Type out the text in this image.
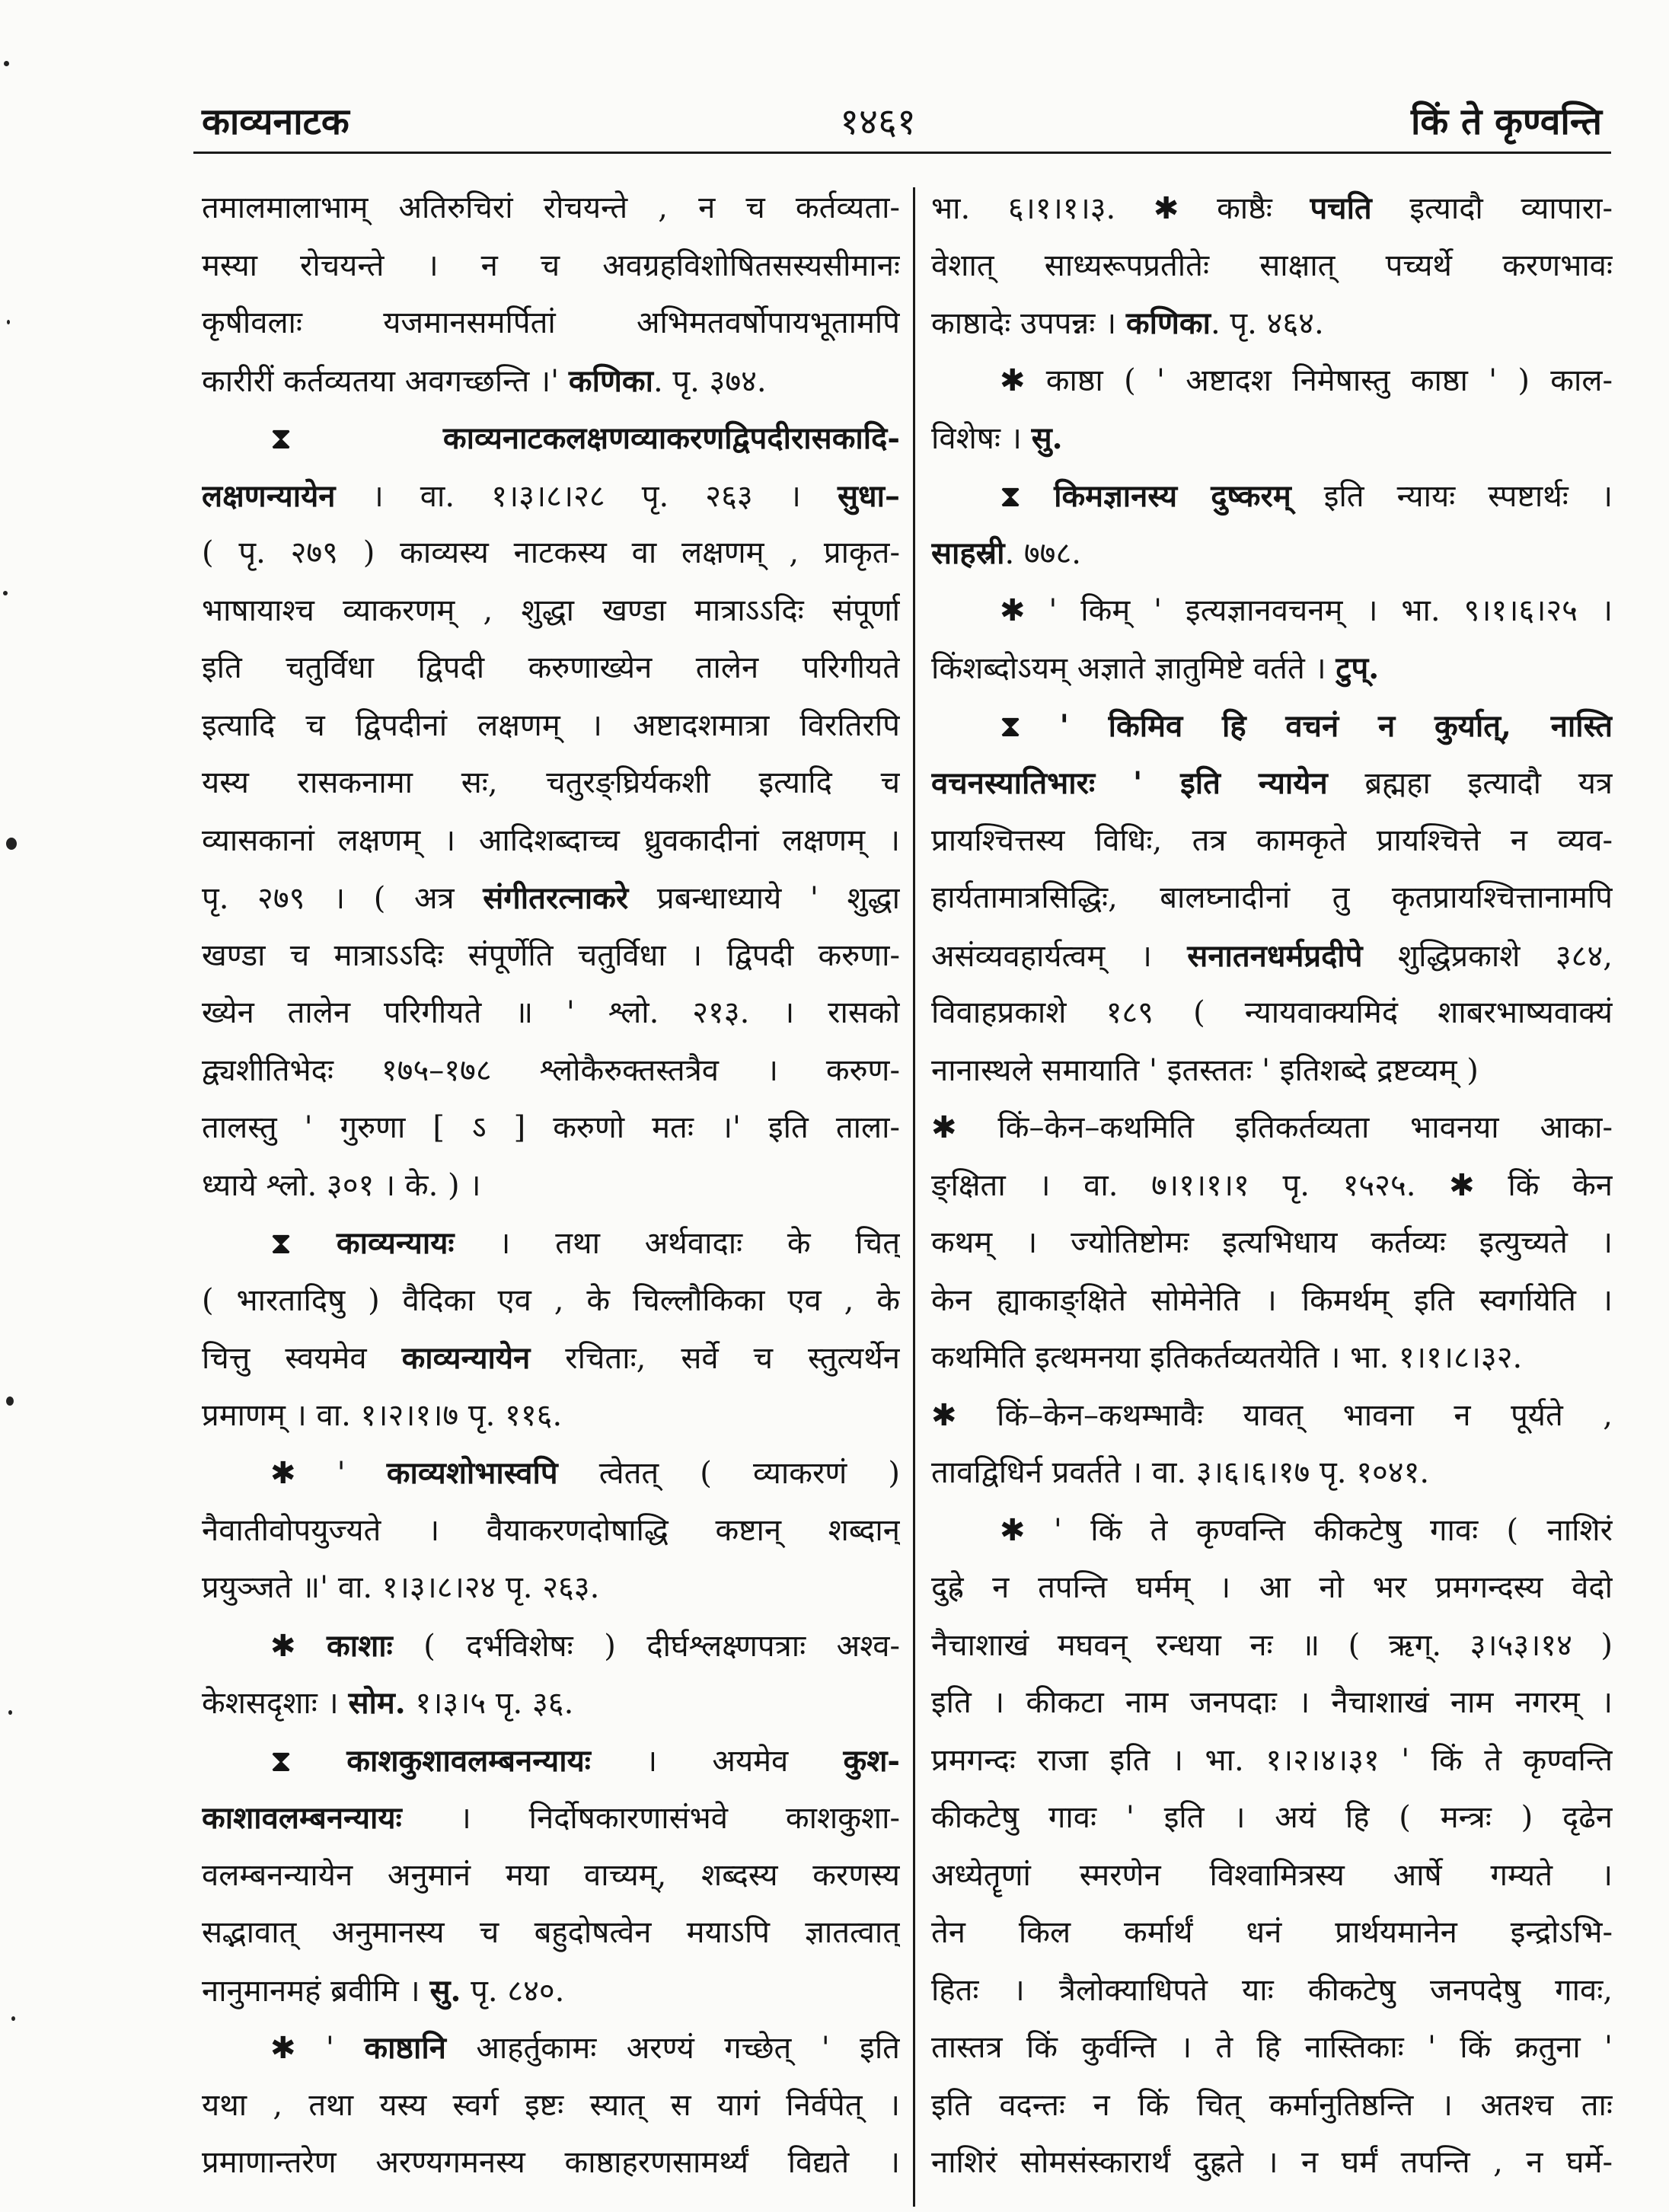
काव्यनाटक	१४६१	किं ते कृण्वन्ति
तमालमालाभाम् अतिरुचिरां रोचयन्ते , न च कर्तव्यता-
मस्या रोचयन्ते । न च अवग्रहविशोषितसस्यसीमानः
कृषीवलाः यजमानसमर्पितां अभिमतवर्षोपायभूतामपि
कारीरीं कर्तव्यतया अवगच्छन्ति ।' कणिका. पृ. ३७४.
⧗ काव्यनाटकलक्षणव्याकरणद्विपदीरासकादि-
लक्षणन्यायेन । वा. १।३।८।२८ पृ. २६३ । सुधा–
( पृ. २७९ ) काव्यस्य नाटकस्य वा लक्षणम् , प्राकृत-
भाषायाश्च व्याकरणम् , शुद्धा खण्डा मात्राऽऽदिः संपूर्णा
इति चतुर्विधा द्विपदी करुणाख्येन तालेन परिगीयते
इत्यादि च द्विपदीनां लक्षणम् । अष्टादशमात्रा विरतिरपि
यस्य रासकनामा सः, चतुरङ्घ्रिर्यकशी इत्यादि च
व्यासकानां लक्षणम् । आदिशब्दाच्च ध्रुवकादीनां लक्षणम् ।
पृ. २७९ । ( अत्र संगीतरत्नाकरे प्रबन्धाध्याये ' शुद्धा
खण्डा च मात्राऽऽदिः संपूर्णेति चतुर्विधा । द्विपदी करुणा-
ख्येन तालेन परिगीयते ॥ ' श्लो. २१३. । रासको
द्व्यशीतिभेदः १७५–१७८ श्लोकैरुक्तस्तत्रैव । करुण-
तालस्तु ' गुरुणा [ ऽ ] करुणो मतः ।' इति ताला-
ध्याये श्लो. ३०१ । के. ) ।
⧗ काव्यन्यायः । तथा अर्थवादाः के चित्
( भारतादिषु ) वैदिका एव , के चिल्लौकिका एव , के
चित्तु स्वयमेव काव्यन्यायेन रचिताः, सर्वे च स्तुत्यर्थेन
प्रमाणम् । वा. १।२।१।७ पृ. ११६.
✱ ' काव्यशोभास्वपि त्वेतत् ( व्याकरणं )
नैवातीवोपयुज्यते । वैयाकरणदोषाद्धि कष्टान् शब्दान्
प्रयुञ्जते ॥' वा. १।३।८।२४ पृ. २६३.
✱ काशाः ( दर्भविशेषः ) दीर्घश्लक्ष्णपत्राः अश्व-
केशसदृशाः । सोम. १।३।५ पृ. ३६.
⧗ काशकुशावलम्बनन्यायः । अयमेव कुश-
काशावलम्बनन्यायः । निर्दोषकारणासंभवे काशकुशा-
वलम्बनन्यायेन अनुमानं मया वाच्यम्, शब्दस्य करणस्य
सद्भावात् अनुमानस्य च बहुदोषत्वेन मयाऽपि ज्ञातत्वात्
नानुमानमहं ब्रवीमि । सु. पृ. ८४०.
✱ ' काष्ठानि आहर्तुकामः अरण्यं गच्छेत् ' इति
यथा , तथा यस्य स्वर्ग इष्टः स्यात् स यागं निर्वपेत् ।
प्रमाणान्तरेण अरण्यगमनस्य काष्ठाहरणसामर्थ्यं विद्यते ।
भा. ६।१।१।३. ✱ काष्ठैः पचति इत्यादौ व्यापारा-
वेशात् साध्यरूपप्रतीतेः साक्षात् पच्यर्थे करणभावः
काष्ठादेः उपपन्नः । कणिका. पृ. ४६४.
✱ काष्ठा ( ' अष्टादश निमेषास्तु काष्ठा ' ) काल-
विशेषः । सु.
⧗ किमज्ञानस्य दुष्करम् इति न्यायः स्पष्टार्थः ।
साहस्री. ७७८.
✱ ' किम् ' इत्यज्ञानवचनम् । भा. ९।१।६।२५ ।
किंशब्दोऽयम् अज्ञाते ज्ञातुमिष्टे वर्तते । टुप्.
⧗ ' किमिव हि वचनं न कुर्यात्, नास्ति
वचनस्यातिभारः ' इति न्यायेन ब्रह्महा इत्यादौ यत्र
प्रायश्चित्तस्य विधिः, तत्र कामकृते प्रायश्चित्ते न व्यव-
हार्यतामात्रसिद्धिः, बालघ्नादीनां तु कृतप्रायश्चित्तानामपि
असंव्यवहार्यत्वम् । सनातनधर्मप्रदीपे शुद्धिप्रकाशे ३८४,
विवाहप्रकाशे १८९ ( न्यायवाक्यमिदं शाबरभाष्यवाक्यं
नानास्थले समायाति ' इतस्ततः ' इतिशब्दे द्रष्टव्यम् )
✱ किं–केन–कथमिति इतिकर्तव्यता भावनया आका-
ङ्क्षिता । वा. ७।१।१।१ पृ. १५२५. ✱ किं केन
कथम् । ज्योतिष्टोमः इत्यभिधाय कर्तव्यः इत्युच्यते ।
केन ह्याकाङ्क्षिते सोमेनेति । किमर्थम् इति स्वर्गायेति ।
कथमिति इत्थमनया इतिकर्तव्यतयेति । भा. १।१।८।३२.
✱ किं–केन–कथम्भावैः यावत् भावना न पूर्यते ,
तावद्विधिर्न प्रवर्तते । वा. ३।६।६।१७ पृ. १०४१.
✱ ' किं ते कृण्वन्ति कीकटेषु गावः ( नाशिरं
दुह्रे न तपन्ति घर्मम् । आ नो भर प्रमगन्दस्य वेदो
नैचाशाखं मघवन् रन्धया नः ॥ ( ऋग्. ३।५३।१४ )
इति । कीकटा नाम जनपदाः । नैचाशाखं नाम नगरम् ।
प्रमगन्दः राजा इति । भा. १।२।४।३१ ' किं ते कृण्वन्ति
कीकटेषु गावः ' इति । अयं हि ( मन्त्रः ) दृढेन
अध्येतॄणां स्मरणेन विश्वामित्रस्य आर्षे गम्यते ।
तेन किल कर्मार्थं धनं प्रार्थयमानेन इन्द्रोऽभि-
हितः । त्रैलोक्याधिपते याः कीकटेषु जनपदेषु गावः,
तास्तत्र किं कुर्वन्ति । ते हि नास्तिकाः ' किं क्रतुना '
इति वदन्तः न किं चित् कर्मानुतिष्ठन्ति । अतश्च ताः
नाशिरं सोमसंस्कारार्थं दुह्रते । न घर्मं तपन्ति , न घर्मे-
